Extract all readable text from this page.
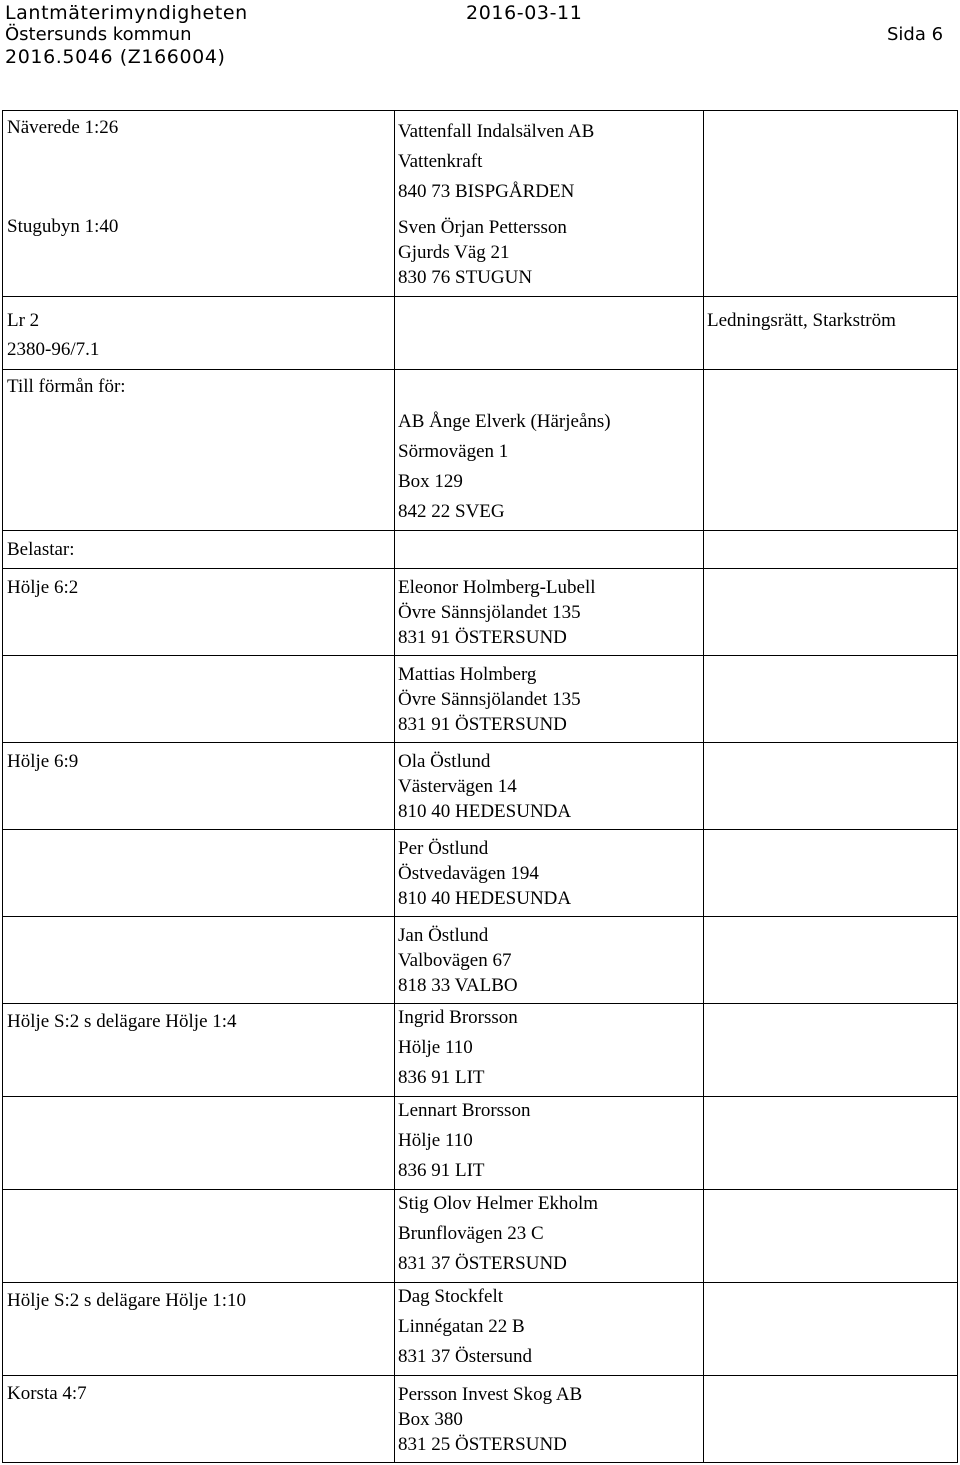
Lantmäterimyndigheten	2016-03-11
Östersunds kommun	Sida 6
2016.5046 (Z166004)
Näverede 1:26
Stugubyn 1:40
Lr 2
2380-96/7.1
Till förmån för:
Belastar:
Hölje 6:2
Hölje 6:9
Hölje S:2 s delägare Hölje 1:4
Hölje S:2 s delägare Hölje 1:10
Korsta 4:7
Ledningsrätt, Starkström
Vattenfall Indalsälven AB
Vattenkraft
840 73 BISPGÅRDEN
Sven Örjan Pettersson
Gjurds Väg 21
830 76 STUGUN
AB Ånge Elverk (Härjeåns)
Sörmovägen 1
Box 129
842 22 SVEG
Eleonor Holmberg-Lubell
Övre Sännsjölandet 135
831 91 ÖSTERSUND
Mattias Holmberg
Övre Sännsjölandet 135
831 91 ÖSTERSUND
Ola Östlund
Västervägen 14
810 40 HEDESUNDA
Per Östlund
Östvedavägen 194
810 40 HEDESUNDA
Jan Östlund
Valbovägen 67
818 33 VALBO
Ingrid Brorsson
Hölje 110
836 91 LIT
Lennart Brorsson
Hölje 110
836 91 LIT
Stig Olov Helmer Ekholm
Brunflovägen 23 C
831 37 ÖSTERSUND
Dag Stockfelt
Linnégatan 22 B
831 37 Östersund
Persson Invest Skog AB
Box 380
831 25 ÖSTERSUND
